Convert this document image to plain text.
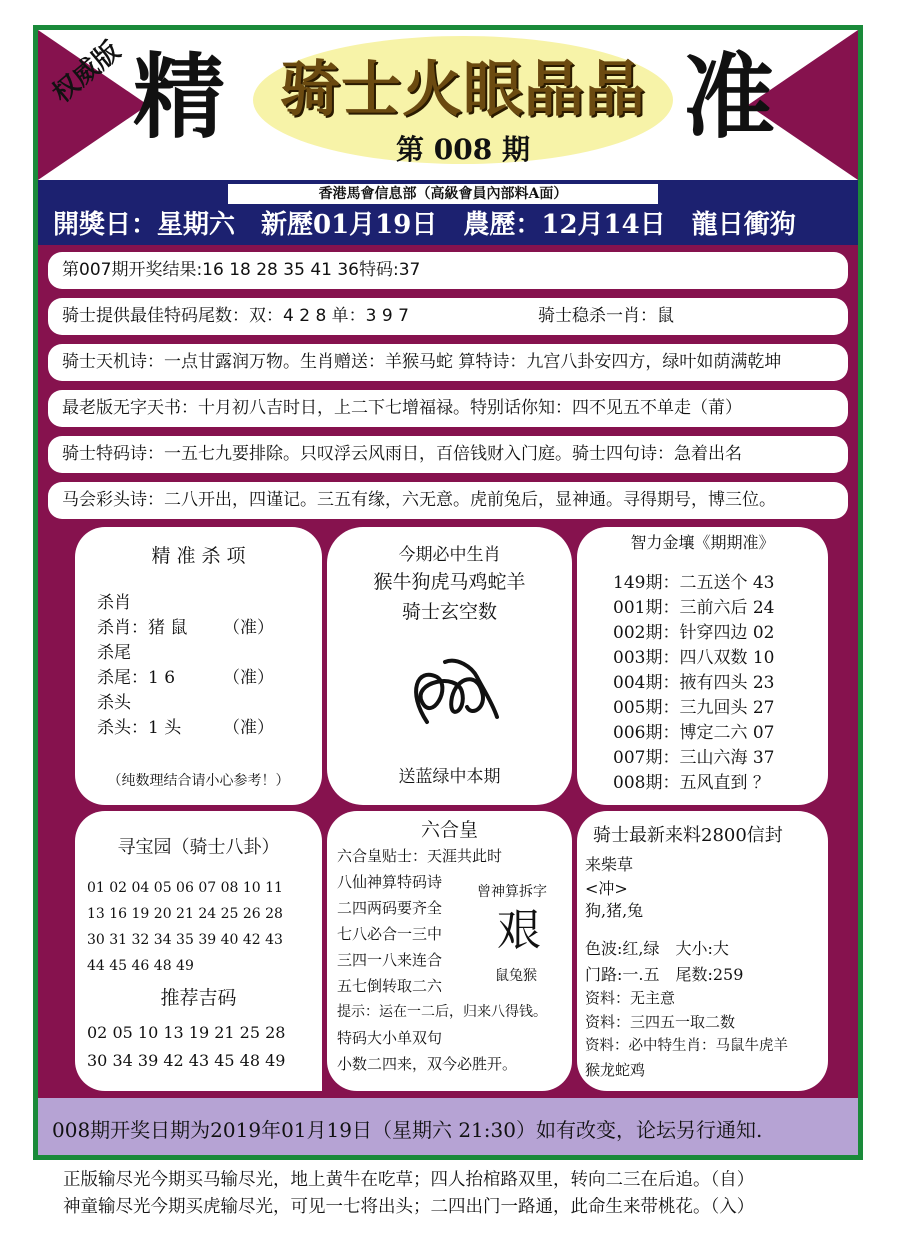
权威版 精 骑士火眼晶晶
第 008 期	准
香港馬會信息部（高級會員內部料A面）
開獎日：星期六　新歷01月19日　農歷：12月14日　龍日衝狗
第007期开奖结果:16 18 28 35 41 36特码:37
骑士提供最佳特码尾数：双：4 2 8 单：3 9 7	骑士稳杀一肖：鼠
骑士天机诗：一点甘露润万物。生肖赠送：羊猴马蛇 算特诗：九宫八卦安四方，绿叶如荫满乾坤
最老版无字天书：十月初八吉时日，上二下七增福禄。特别话你知：四不见五不单走（莆）
骑士特码诗：一五七九要排除。只叹浮云风雨日，百倍钱财入门庭。骑士四句诗：急着出名
马会彩头诗：二八开出，四谨记。三五有缘，六无意。虎前兔后，显神通。寻得期号，博三位。
精 准 杀 项
杀肖
杀肖：猪 鼠 （准）
杀尾
杀尾：1 6	（准）
杀头
杀头：1 头 （准）
（纯数理结合请小心参考！）
今期必中生肖
猴牛狗虎马鸡蛇羊
骑士玄空数
送蓝绿中本期
智力金壤《期期准》
149期：二五送个 43
001期：三前六后 24
002期：针穿四边 02
003期：四八双数 10
004期：掖有四头 23
005期：三九回头 27
006期：博定二六 07
007期：三山六海 37
008期：五风直到 ？
寻宝园（骑士八卦）
01 02 04 05 06 07 08 10 11
13 16 19 20 21 24 25 26 28
30 31 32 34 35 39 40 42 43
44 45 46 48 49
推荐吉码
02 05 10 13 19 21 25 28
30 34 39 42 43 45 48 49
六合皇
六合皇贴士：天涯共此时
八仙神算特码诗
二四两码要齐全
七八必合一三中
三四一八来连合
五七倒转取二六
提示：运在一二后，归来八得钱。
特码大小单双句
小数二四来，双今必胜开。
曾神算拆字
艰
鼠兔猴
骑士最新来料2800信封
来柴草
<冲>
狗,猪,兔
色波:红,绿　大小:大
门路:一.五　尾数:259
资料：无主意
资料：三四五一取二数
资料：必中特生肖：马鼠牛虎羊
猴龙蛇鸡
008期开奖日期为2019年01月19日（星期六 21:30）如有改变，论坛另行通知.
正版输尽光今期买马输尽光，地上黄牛在吃草；四人抬棺路双里，转向二三在后追。（自）
神童输尽光今期买虎输尽光，可见一七将出头；二四出门一路通，此命生来带桃花。（入）
